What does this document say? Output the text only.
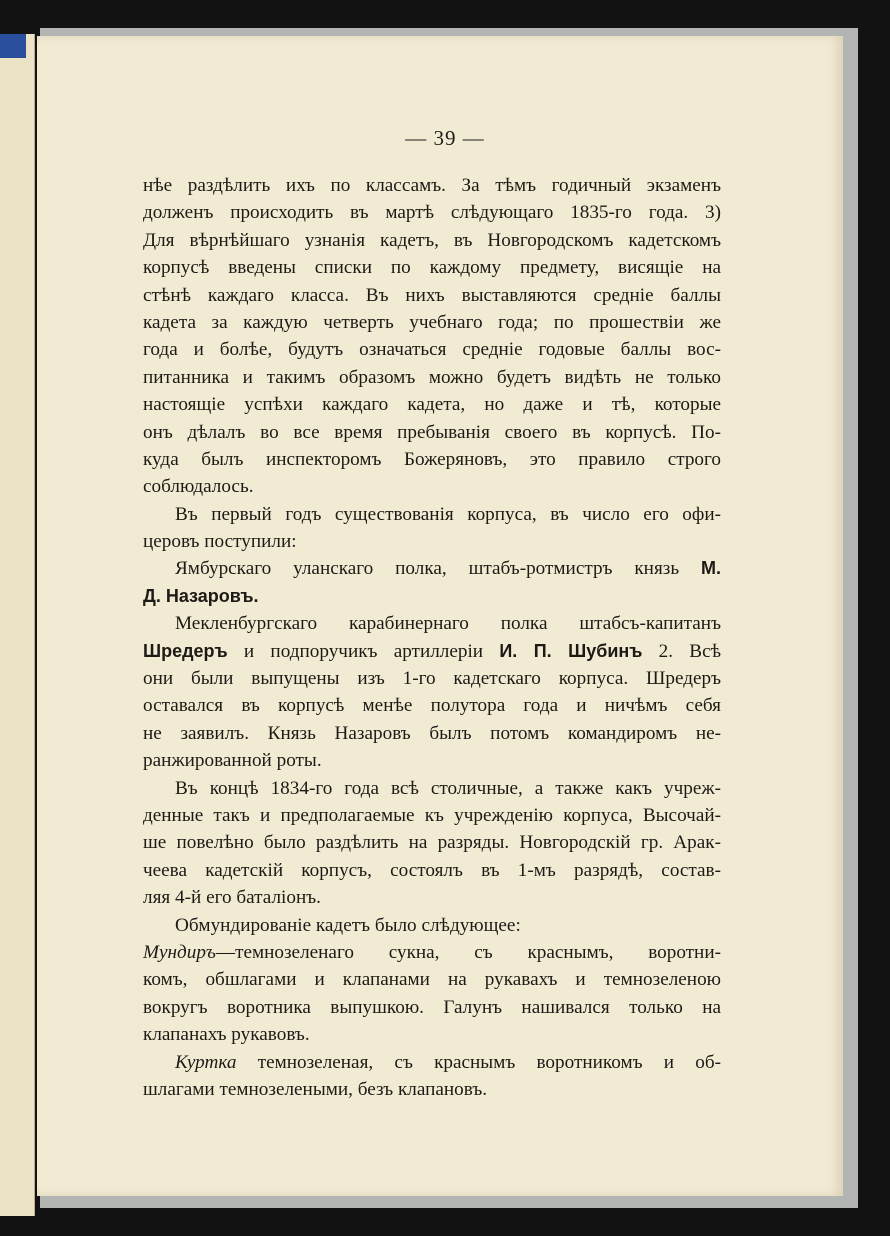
— 39 —
нѣе раздѣлить ихъ по классамъ. За тѣмъ годичный экзаменъ
долженъ происходить въ мартѣ слѣдующаго 1835-го года. 3)
Для вѣрнѣйшаго узнанія кадетъ, въ Новгородскомъ кадетскомъ
корпусѣ введены списки по каждому предмету, висящіе на
стѣнѣ каждаго класса. Въ нихъ выставляются средніе баллы
кадета за каждую четверть учебнаго года; по прошествіи же
года и болѣе, будутъ означаться средніе годовые баллы вос-
питанника и такимъ образомъ можно будетъ видѣть не только
настоящіе успѣхи каждаго кадета, но даже и тѣ, которые
онъ дѣлалъ во все время пребыванія своего въ корпусѣ. По-
куда былъ инспекторомъ Божеряновъ, это правило строго
соблюдалось.
Въ первый годъ существованія корпуса, въ число его офи-
церовъ поступили:
Ямбурскаго уланскаго полка, штабъ-ротмистръ князь М.
Д. Назаровъ.
Мекленбургскаго карабинернаго полка штабсъ-капитанъ
Шредеръ и подпоручикъ артиллеріи И. П. Шубинъ 2. Всѣ
они были выпущены изъ 1-го кадетскаго корпуса. Шредеръ
оставался въ корпусѣ менѣе полутора года и ничѣмъ себя
не заявилъ. Князь Назаровъ былъ потомъ командиромъ не-
ранжированной роты.
Въ концѣ 1834-го года всѣ столичные, а также какъ учреж-
денные такъ и предполагаемые къ учрежденію корпуса, Высочай-
ше повелѣно было раздѣлить на разряды. Новгородскій гр. Арак-
чеева кадетскій корпусъ, состоялъ въ 1-мъ разрядѣ, состав-
ляя 4-й его баталіонъ.
Обмундированіе кадетъ было слѣдующее:
Мундиръ—темнозеленаго сукна, съ краснымъ, воротни-
комъ, обшлагами и клапанами на рукавахъ и темнозеленою
вокругъ воротника выпушкою. Галунъ нашивался только на
клапанахъ рукавовъ.
Куртка темнозеленая, съ краснымъ воротникомъ и об-
шлагами темнозелеными, безъ клапановъ.
